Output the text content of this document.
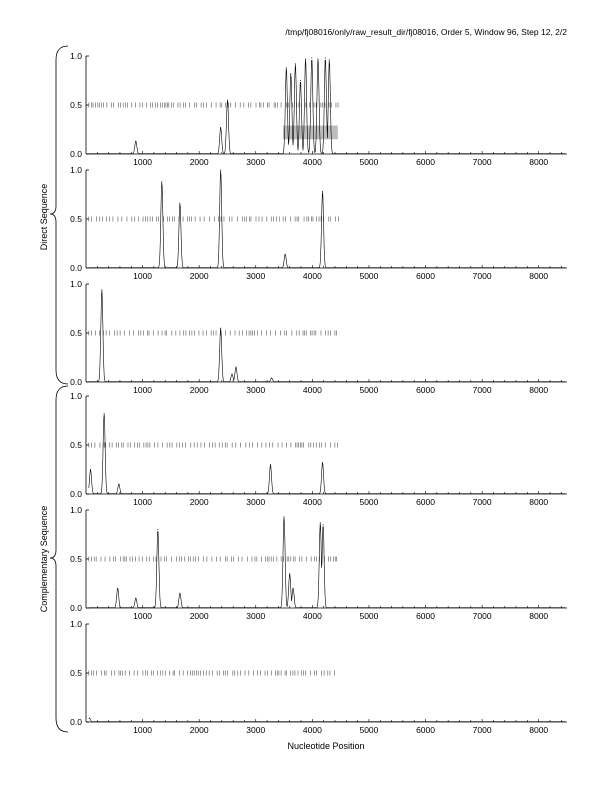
/tmp/fj08016/only/raw_result_dir/fj08016, Order 5, Window 96, Step 12, 2/2
0.0
0.5
1.0
1000	2000	3000	4000	5000	6000	7000	8000
0.0
0.5
1.0
1000	2000	3000	4000	5000	6000	7000	8000
0.0
0.5
1.0
1000	2000	3000	4000	5000	6000	7000	8000
0.0
0.5
1.0
1000	2000	3000	4000	5000	6000	7000	8000
0.0
0.5
1.0
1000	2000	3000	4000	5000	6000	7000	8000
0.0
0.5
1.0
1000	2000	3000	4000	5000	6000	7000	8000
Direct Sequence
Complementary Sequence
Nucleotide Position
